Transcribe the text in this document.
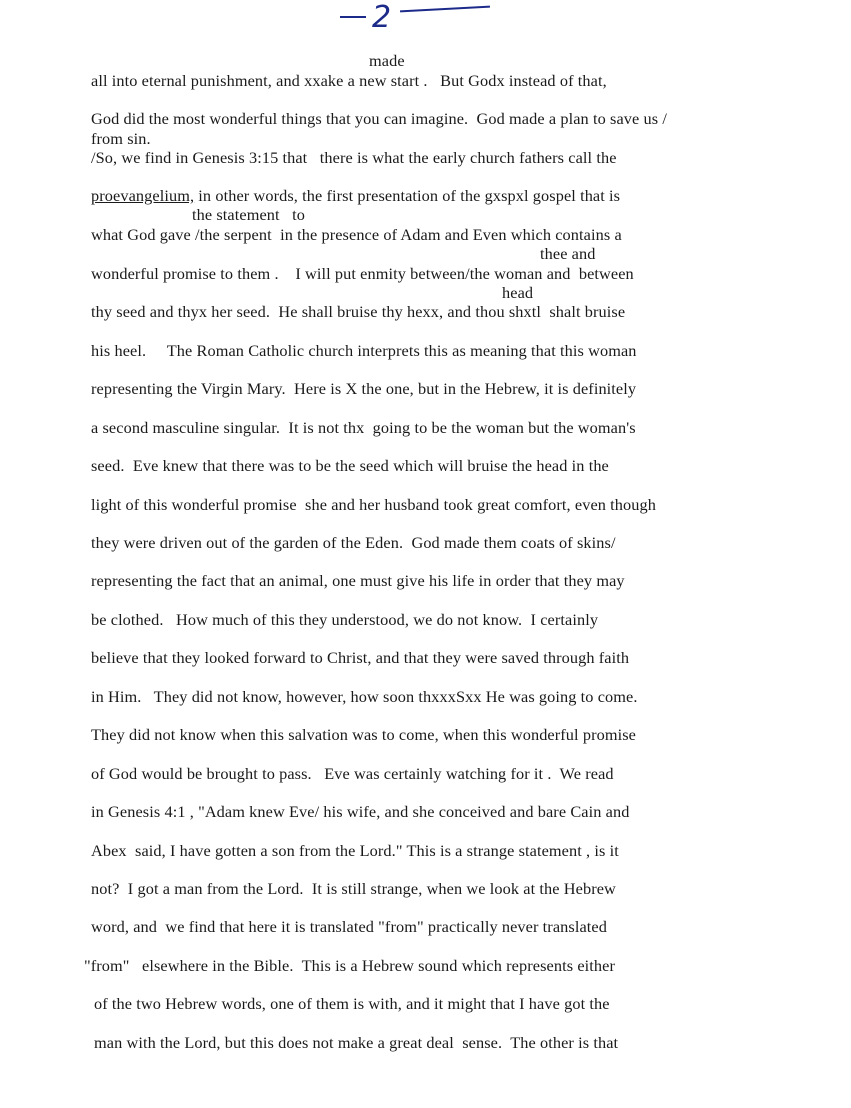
2
made
all into eternal punishment, and xxake a new start .   But Godx instead of that,
God did the most wonderful things that you can imagine.  God made a plan to save us /
from sin.
/So, we find in Genesis 3:15 that   there is what the early church fathers call the
proevangelium, in other words, the first presentation of the gxspxl gospel that is
the statement   to
what God gave /the serpent  in the presence of Adam and Even which contains a
thee and
wonderful promise to them .    I will put enmity between/the woman and  between
head
thy seed and thyx her seed.  He shall bruise thy hexx, and thou shxtl  shalt bruise
his heel.     The Roman Catholic church interprets this as meaning that this woman
representing the Virgin Mary.  Here is X the one, but in the Hebrew, it is definitely
a second masculine singular.  It is not thx  going to be the woman but the woman's
seed.  Eve knew that there was to be the seed which will bruise the head in the
light of this wonderful promise  she and her husband took great comfort, even though
they were driven out of the garden of the Eden.  God made them coats of skins/
representing the fact that an animal, one must give his life in order that they may
be clothed.   How much of this they understood, we do not know.  I certainly
believe that they looked forward to Christ, and that they were saved through faith
in Him.   They did not know, however, how soon thxxxSxx He was going to come.
They did not know when this salvation was to come, when this wonderful promise
of God would be brought to pass.   Eve was certainly watching for it .  We read
in Genesis 4:1 , "Adam knew Eve/ his wife, and she conceived and bare Cain and
Abex  said, I have gotten a son from the Lord." This is a strange statement , is it
not?  I got a man from the Lord.  It is still strange, when we look at the Hebrew
word, and  we find that here it is translated "from" practically never translated
"from"   elsewhere in the Bible.  This is a Hebrew sound which represents either
of the two Hebrew words, one of them is with, and it might that I have got the
man with the Lord, but this does not make a great deal  sense.  The other is that
